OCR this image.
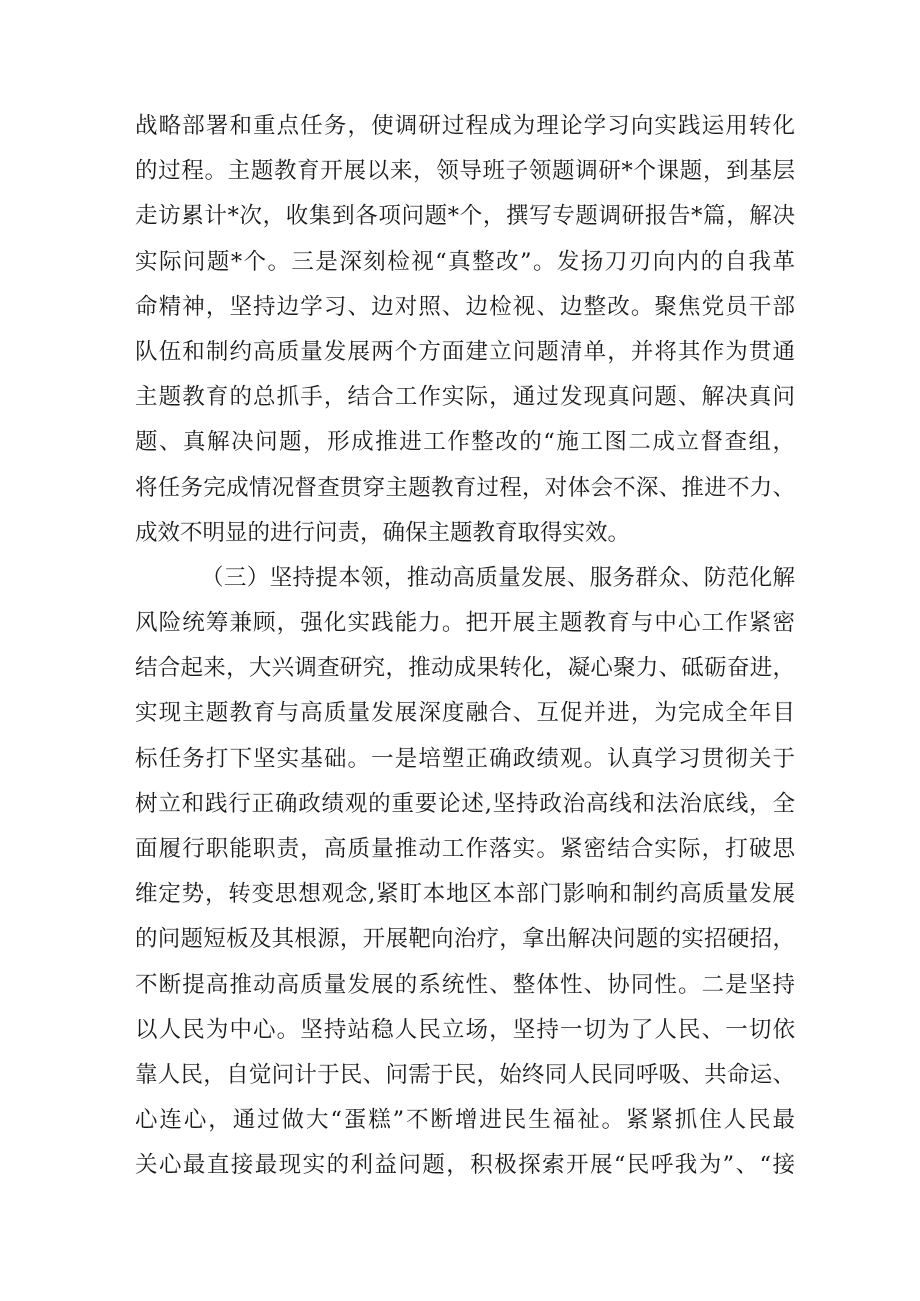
战略部署和重点任务，使调研过程成为理论学习向实践运用转化
的过程。主题教育开展以来，领导班子领题调研*个课题，到基层
走访累计*次，收集到各项问题*个，撰写专题调研报告*篇，解决
实际问题*个。三是深刻检视“真整改”。发扬刀刃向内的自我革
命精神，坚持边学习、边对照、边检视、边整改。聚焦党员干部
队伍和制约高质量发展两个方面建立问题清单，并将其作为贯通
主题教育的总抓手，结合工作实际，通过发现真问题、解决真问
题、真解决问题，形成推进工作整改的“施工图二成立督查组，
将任务完成情况督查贯穿主题教育过程，对体会不深、推进不力、
成效不明显的进行问责，确保主题教育取得实效。
（三）坚持提本领，推动高质量发展、服务群众、防范化解
风险统筹兼顾，强化实践能力。把开展主题教育与中心工作紧密
结合起来，大兴调查研究，推动成果转化，凝心聚力、砥砺奋进，
实现主题教育与高质量发展深度融合、互促并进，为完成全年目
标任务打下坚实基础。一是培塑正确政绩观。认真学习贯彻关于
树立和践行正确政绩观的重要论述,坚持政治高线和法治底线，全
面履行职能职责，高质量推动工作落实。紧密结合实际，打破思
维定势，转变思想观念,紧盯本地区本部门影响和制约高质量发展
的问题短板及其根源，开展靶向治疗，拿出解决问题的实招硬招，
不断提高推动高质量发展的系统性、整体性、协同性。二是坚持
以人民为中心。坚持站稳人民立场，坚持一切为了人民、一切依
靠人民，自觉问计于民、问需于民，始终同人民同呼吸、共命运、
心连心，通过做大“蛋糕”不断增进民生福祉。紧紧抓住人民最
关心最直接最现实的利益问题，积极探索开展“民呼我为”、“接
